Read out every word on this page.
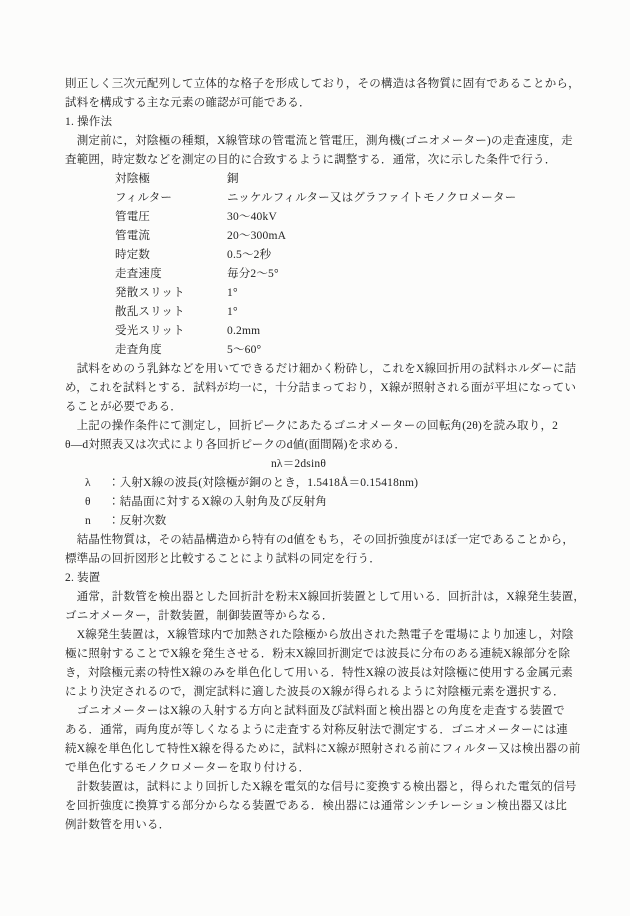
則正しく三次元配列して立体的な格子を形成しており，その構造は各物質に固有であることから，
試料を構成する主な元素の確認が可能である．
1. 操作法
　測定前に，対陰極の種類，X線管球の管電流と管電圧，測角機(ゴニオメーター)の走査速度，走
査範囲，時定数などを測定の目的に合致するように調整する．通常，次に示した条件で行う．
対陰極	銅
フィルター	ニッケルフィルター又はグラファイトモノクロメーター
管電圧	30～40kV
管電流	20～300mA
時定数	0.5～2秒
走査速度	毎分2～5°
発散スリット	1°
散乱スリット	1°
受光スリット	0.2mm
走査角度	5～60°
　試料をめのう乳鉢などを用いてできるだけ細かく粉砕し，これをX線回折用の試料ホルダーに詰
め，これを試料とする．試料が均一に，十分詰まっており，X線が照射される面が平坦になってい
ることが必要である．
　上記の操作条件にて測定し，回折ピークにあたるゴニオメーターの回転角(2θ)を読み取り，2
θ―d対照表又は次式により各回折ピークのd値(面間隔)を求める．
nλ＝2dsinθ
λ	：入射X線の波長(対陰極が銅のとき，1.5418Å＝0.15418nm)
θ	：結晶面に対するX線の入射角及び反射角
n	：反射次数
　結晶性物質は，その結晶構造から特有のd値をもち，その回折強度がほぼ一定であることから，
標準品の回折図形と比較することにより試料の同定を行う．
2. 装置
　通常，計数管を検出器とした回折計を粉末X線回折装置として用いる．回折計は，X線発生装置，
ゴニオメーター，計数装置，制御装置等からなる．
　X線発生装置は，X線管球内で加熱された陰極から放出された熱電子を電場により加速し，対陰
極に照射することでX線を発生させる．粉末X線回折測定では波長に分布のある連続X線部分を除
き，対陰極元素の特性X線のみを単色化して用いる．特性X線の波長は対陰極に使用する金属元素
により決定されるので，測定試料に適した波長のX線が得られるように対陰極元素を選択する．
　ゴニオメーターはX線の入射する方向と試料面及び試料面と検出器との角度を走査する装置で
ある．通常，両角度が等しくなるように走査する対称反射法で測定する．ゴニオメーターには連
続X線を単色化して特性X線を得るために，試料にX線が照射される前にフィルター又は検出器の前
で単色化するモノクロメーターを取り付ける．
　計数装置は，試料により回折したX線を電気的な信号に変換する検出器と，得られた電気的信号
を回折強度に換算する部分からなる装置である．検出器には通常シンチレーション検出器又は比
例計数管を用いる．
